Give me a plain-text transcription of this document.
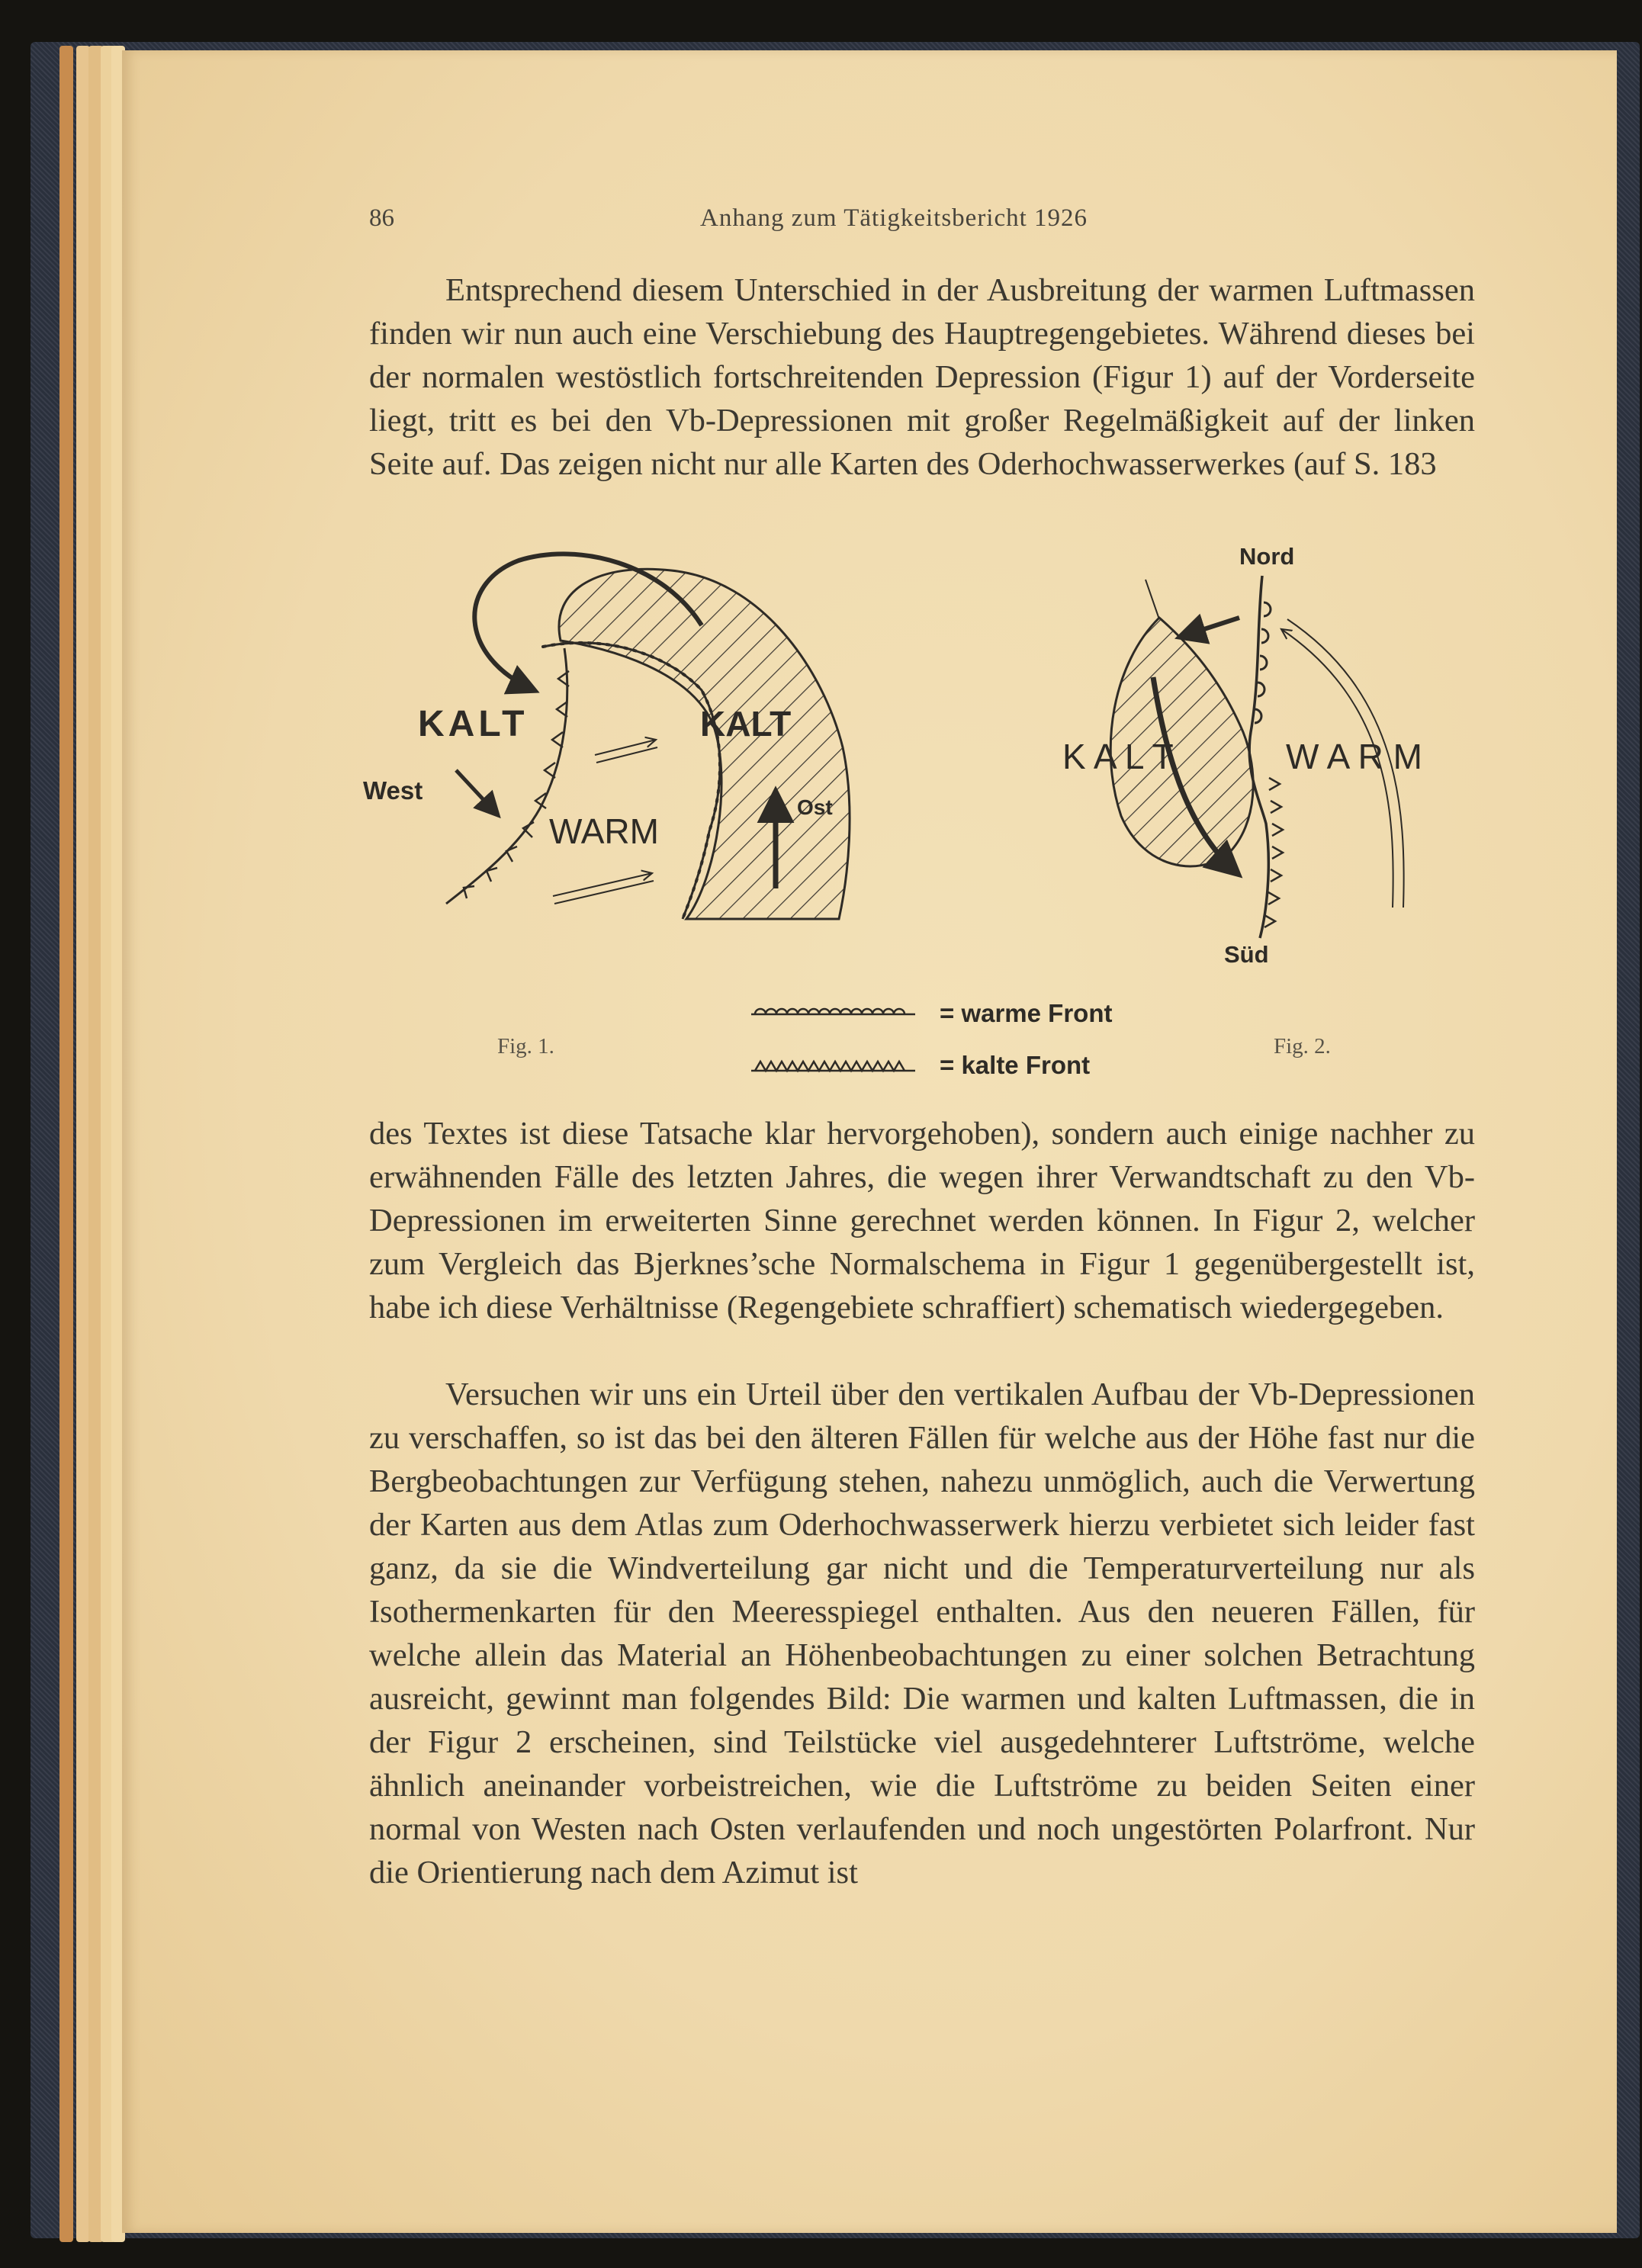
86	Anhang zum Tätigkeitsbericht 1926

Entsprechend diesem Unterschied in der Ausbreitung der warmen Luftmassen finden wir nun auch eine Verschiebung des Hauptregengebietes. Während dieses bei der normalen westöstlich fortschreitenden Depression (Figur 1) auf der Vorderseite liegt, tritt es bei den Vb-Depressionen mit großer Regelmäßigkeit auf der linken Seite auf. Das zeigen nicht nur alle Karten des Oderhochwasserwerkes (auf S. 183

KALT	KALT
WARM
West
Ost
Nord
Süd
K A L T	W A R M
= warme Front
= kalte Front
Fig. 1.	Fig. 2.

des Textes ist diese Tatsache klar hervorgehoben), sondern auch einige nachher zu erwähnenden Fälle des letzten Jahres, die wegen ihrer Verwandtschaft zu den Vb-Depressionen im erweiterten Sinne gerechnet werden können. In Figur 2, welcher zum Vergleich das Bjerknes’sche Normalschema in Figur 1 gegenübergestellt ist, habe ich diese Verhältnisse (Regengebiete schraffiert) schematisch wiedergegeben.

Versuchen wir uns ein Urteil über den vertikalen Aufbau der Vb-Depressionen zu verschaffen, so ist das bei den älteren Fällen für welche aus der Höhe fast nur die Bergbeobachtungen zur Verfügung stehen, nahezu unmöglich, auch die Verwertung der Karten aus dem Atlas zum Oderhochwasserwerk hierzu verbietet sich leider fast ganz, da sie die Windverteilung gar nicht und die Temperaturverteilung nur als Isothermenkarten für den Meeresspiegel enthalten. Aus den neueren Fällen, für welche allein das Material an Höhenbeobachtungen zu einer solchen Betrachtung ausreicht, gewinnt man folgendes Bild: Die warmen und kalten Luftmassen, die in der Figur 2 erscheinen, sind Teilstücke viel ausgedehnterer Luftströme, welche ähnlich aneinander vorbeistreichen, wie die Luftströme zu beiden Seiten einer normal von Westen nach Osten verlaufenden und noch ungestörten Polarfront. Nur die Orientierung nach dem Azimut ist
